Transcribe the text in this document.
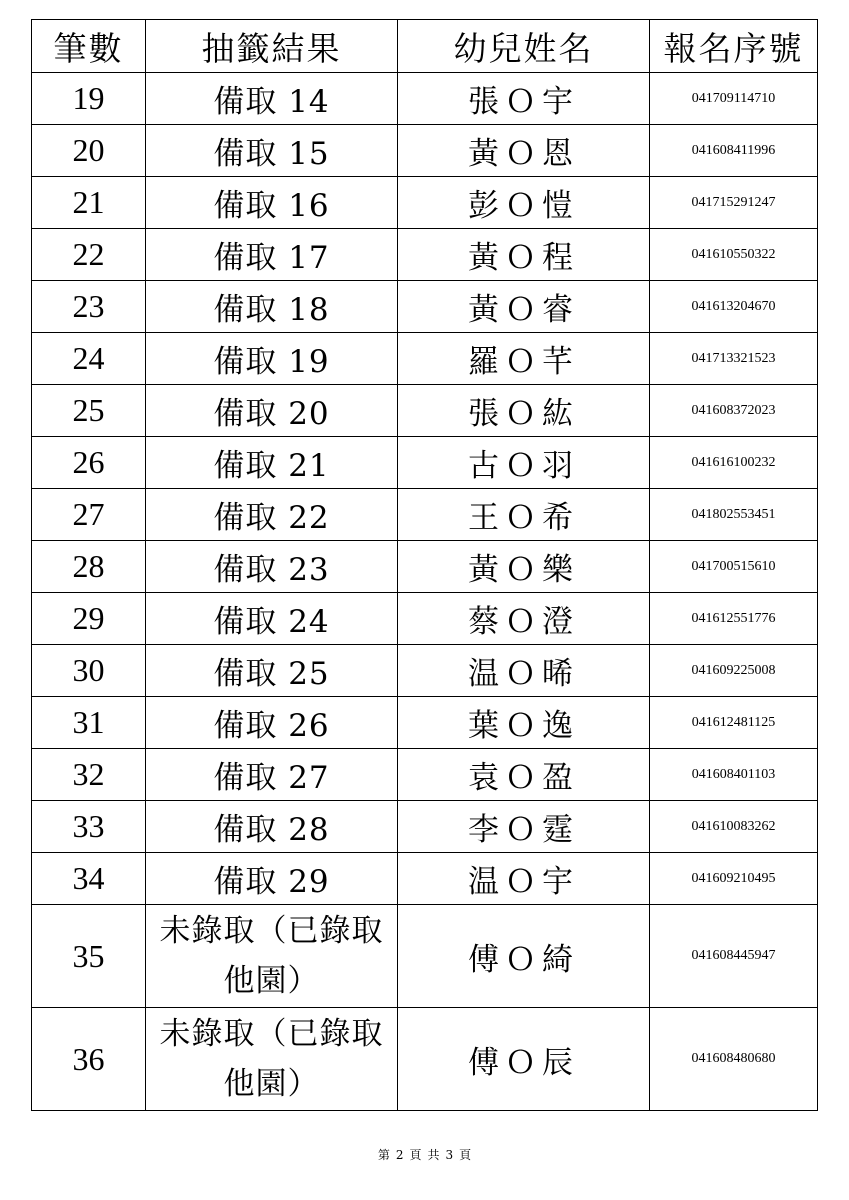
筆數	抽籤結果	幼兒姓名	報名序號
19	備取 14	張Ｏ宇	041709114710
20	備取 15	黃Ｏ恩	041608411996
21	備取 16	彭Ｏ愷	041715291247
22	備取 17	黃Ｏ程	041610550322
23	備取 18	黃Ｏ睿	041613204670
24	備取 19	羅Ｏ芊	041713321523
25	備取 20	張Ｏ紘	041608372023
26	備取 21	古Ｏ羽	041616100232
27	備取 22	王Ｏ希	041802553451
28	備取 23	黃Ｏ樂	041700515610
29	備取 24	蔡Ｏ澄	041612551776
30	備取 25	温Ｏ晞	041609225008
31	備取 26	葉Ｏ逸	041612481125
32	備取 27	袁Ｏ盈	041608401103
33	備取 28	李Ｏ霆	041610083262
34	備取 29	温Ｏ宇	041609210495
35	未錄取（已錄取他園）	傅Ｏ綺	041608445947
36	未錄取（已錄取他園）	傅Ｏ辰	041608480680
第 2 頁 共 3 頁
